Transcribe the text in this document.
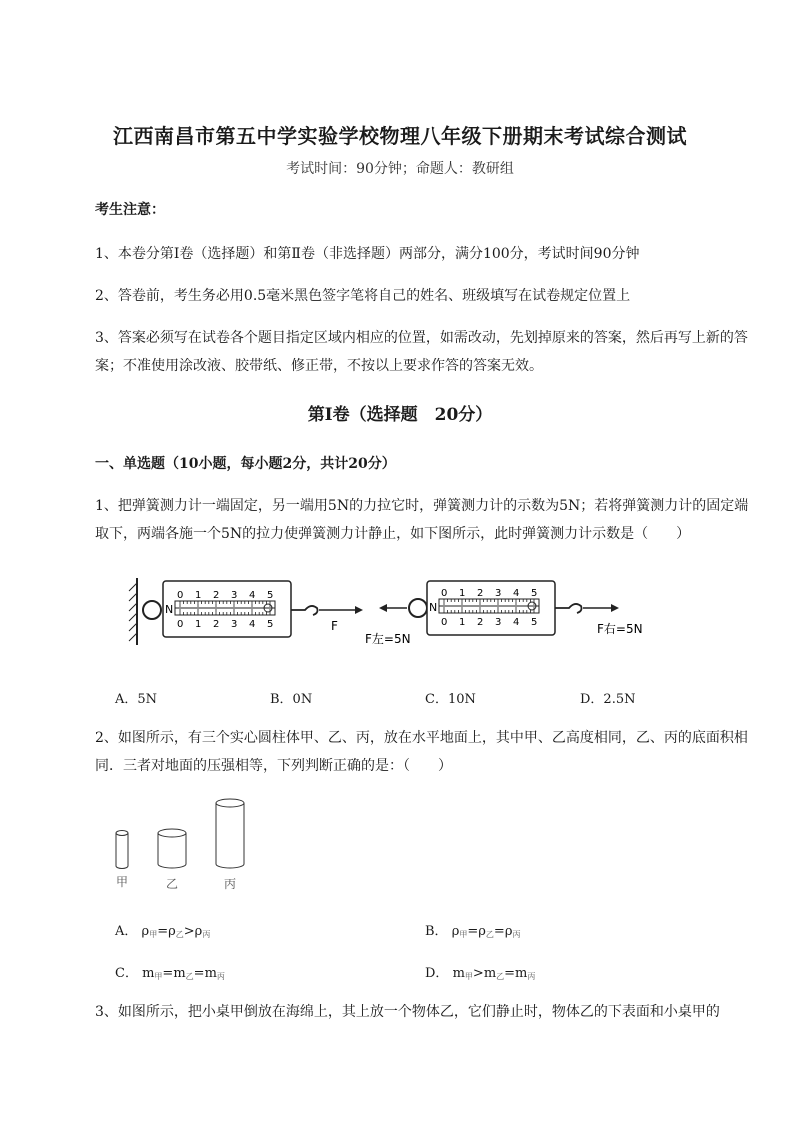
江西南昌市第五中学实验学校物理八年级下册期末考试综合测试
考试时间：90分钟；命题人：教研组
考生注意：
1、本卷分第I卷（选择题）和第Ⅱ卷（非选择题）两部分，满分100分，考试时间90分钟
2、答卷前，考生务必用0.5毫米黑色签字笔将自己的姓名、班级填写在试卷规定位置上
3、答案必须写在试卷各个题目指定区域内相应的位置，如需改动，先划掉原来的答案，然后再写上新的答案；不准使用涂改液、胶带纸、修正带，不按以上要求作答的答案无效。
第I卷（选择题　20分）
一、单选题（10小题，每小题2分，共计20分）
1、把弹簧测力计一端固定，另一端用5N的力拉它时，弹簧测力计的示数为5N；若将弹簧测力计的固定端取下，两端各施一个5N的拉力使弹簧测力计静止，如下图所示，此时弹簧测力计示数是（　　）
N
0 1 2 3 4 5
0 1 2 3 4 5	F
F左=5N
N
0 1 2 3 4 5
0 1 2 3 4 5	F右=5N
A．5N	B．0N	C．10N	D．2.5N
2、如图所示，有三个实心圆柱体甲、乙、丙，放在水平地面上，其中甲、乙高度相同，乙、丙的底面积相同．三者对地面的压强相等，下列判断正确的是：（　　）
甲	乙	丙
A． $\rho_甲=\rho_乙>\rho_丙$	B． $\rho_甲=\rho_乙=\rho_丙$
C． $m_甲=m_乙=m_丙$	D． $m_甲>m_乙=m_丙$
3、如图所示，把小桌甲倒放在海绵上，其上放一个物体乙，它们静止时，物体乙的下表面和小桌甲的
